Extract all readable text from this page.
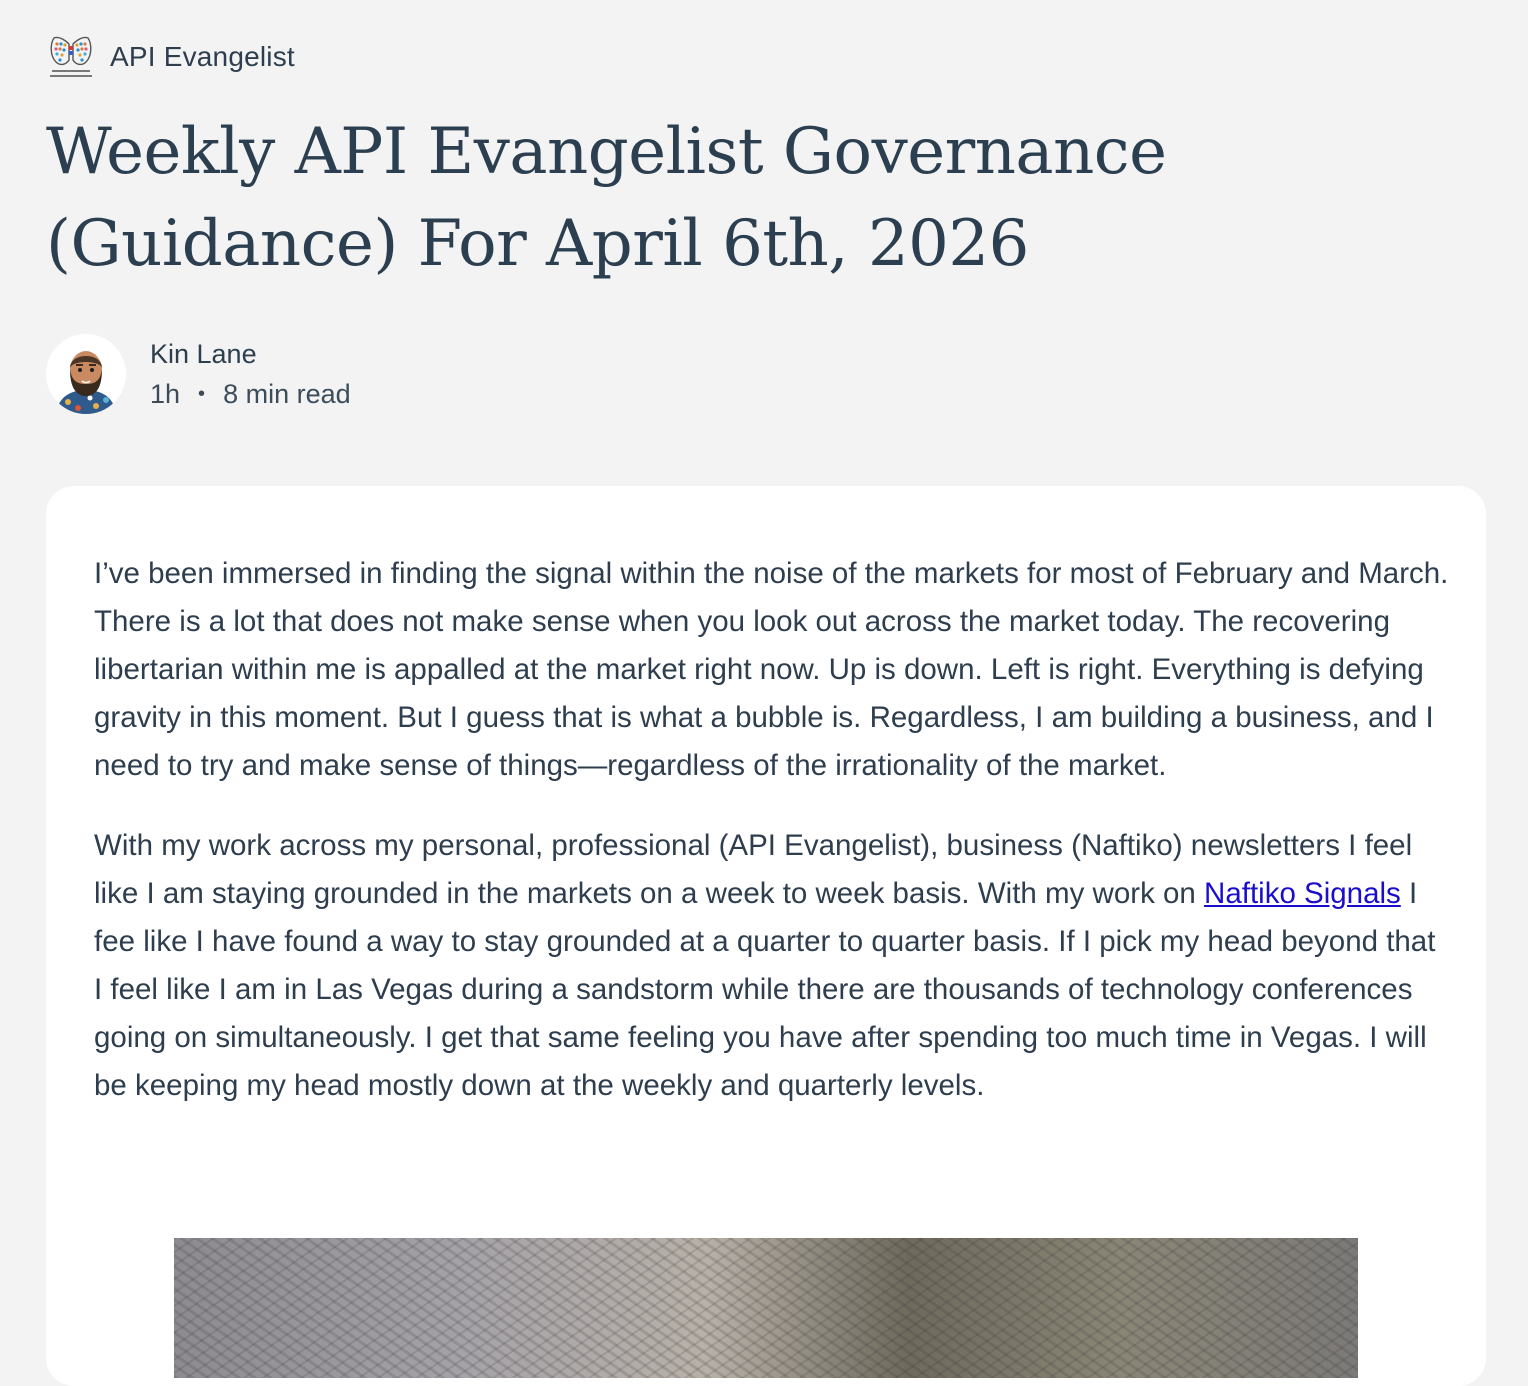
API Evangelist
Weekly API Evangelist Governance (Guidance) For April 6th, 2026
Kin Lane
1h • 8 min read

I’ve been immersed in finding the signal within the noise of the markets for most of February and March. There is a lot that does not make sense when you look out across the market today. The recovering libertarian within me is appalled at the market right now. Up is down. Left is right. Everything is defying gravity in this moment. But I guess that is what a bubble is. Regardless, I am building a business, and I need to try and make sense of things—regardless of the irrationality of the market.

With my work across my personal, professional (API Evangelist), business (Naftiko) newsletters I feel like I am staying grounded in the markets on a week to week basis. With my work on Naftiko Signals I fee like I have found a way to stay grounded at a quarter to quarter basis. If I pick my head beyond that I feel like I am in Las Vegas during a sandstorm while there are thousands of technology conferences going on simultaneously. I get that same feeling you have after spending too much time in Vegas. I will be keeping my head mostly down at the weekly and quarterly levels.
